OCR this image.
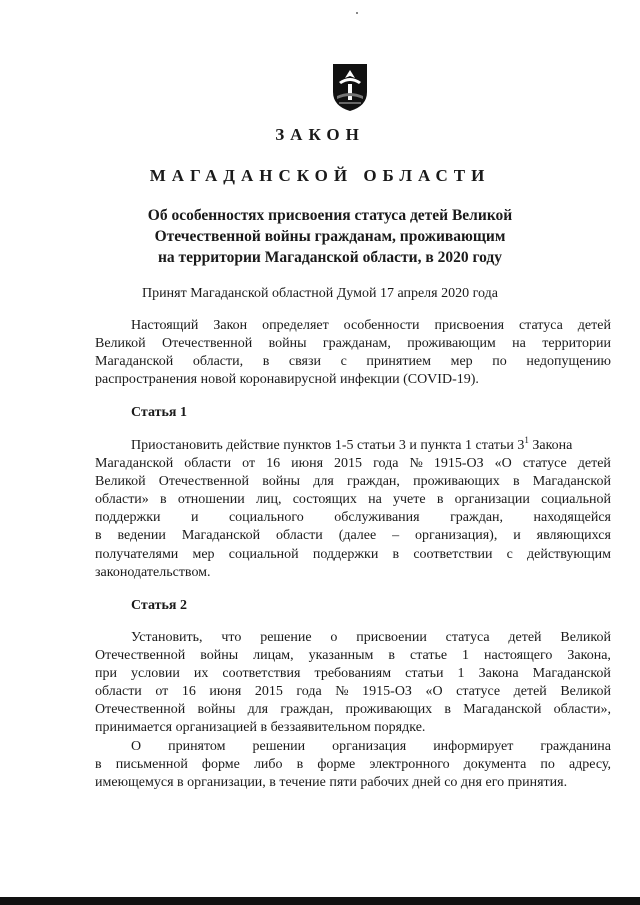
ЗАКОН
МАГАДАНСКОЙ ОБЛАСТИ
Об особенностях присвоения статуса детей Великой
Отечественной войны гражданам, проживающим
на территории Магаданской области, в 2020 году
Принят Магаданской областной Думой 17 апреля 2020 года
Настоящий Закон определяет особенности присвоения статуса детей
Великой Отечественной войны гражданам, проживающим на территории
Магаданской области, в связи с принятием мер по недопущению
распространения новой коронавирусной инфекции (COVID-19).
Статья 1
Приостановить действие пунктов 1-5 статьи 3 и пункта 1 статьи $3^1$ Закона
Магаданской области от 16 июня 2015 года № 1915-ОЗ «О статусе детей
Великой Отечественной войны для граждан, проживающих в Магаданской
области» в отношении лиц, состоящих на учете в организации социальной
поддержки и социального обслуживания граждан, находящейся
в ведении Магаданской области (далее – организация), и являющихся
получателями мер социальной поддержки в соответствии с действующим
законодательством.
Статья 2
Установить, что решение о присвоении статуса детей Великой
Отечественной войны лицам, указанным в статье 1 настоящего Закона,
при условии их соответствия требованиям статьи 1 Закона Магаданской
области от 16 июня 2015 года № 1915-ОЗ «О статусе детей Великой
Отечественной войны для граждан, проживающих в Магаданской области»,
принимается организацией в беззаявительном порядке.
О принятом решении организация информирует гражданина
в письменной форме либо в форме электронного документа по адресу,
имеющемуся в организации, в течение пяти рабочих дней со дня его принятия.
